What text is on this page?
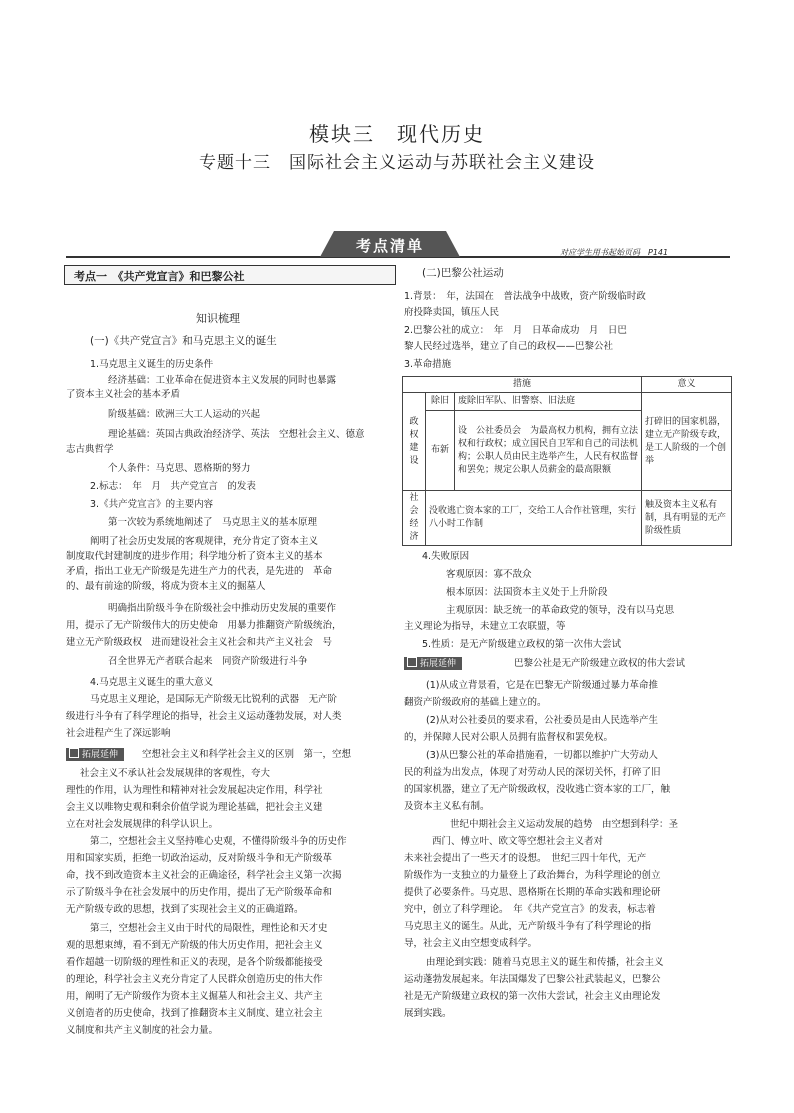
模块三　现代历史
专题十三　国际社会主义运动与苏联社会主义建设
考点清单	对应学生用书起始页码　P141
考点一　《共产党宣言》和巴黎公社
知识梳理
(一)《共产党宣言》和马克思主义的诞生
1.马克思主义诞生的历史条件
经济基础：工业革命在促进资本主义发展的同时也暴露
了资本主义社会的基本矛盾
阶级基础：欧洲三大工人运动的兴起
理论基础：英国古典政治经济学、英法　空想社会主义、德意
志古典哲学
个人条件：马克思、恩格斯的努力
2.标志：　年　月　共产党宣言　的发表
3.《共产党宣言》的主要内容
第一次较为系统地阐述了　马克思主义的基本原理
阐明了社会历史发展的客观规律，充分肯定了资本主义
制度取代封建制度的进步作用；科学地分析了资本主义的基本
矛盾，指出工业无产阶级是先进生产力的代表，是先进的　革命
的、最有前途的阶级，将成为资本主义的掘墓人
明确指出阶级斗争在阶级社会中推动历史发展的重要作
用，提示了无产阶级伟大的历史使命　用暴力推翻资产阶级统治，
建立无产阶级政权　进而建设社会主义社会和共产主义社会　号
召全世界无产者联合起来　同资产阶级进行斗争
4.马克思主义诞生的重大意义
马克思主义理论，是国际无产阶级无比锐利的武器　无产阶
级进行斗争有了科学理论的指导，社会主义运动蓬勃发展，对人类
社会进程产生了深远影响
拓展延伸	空想社会主义和科学社会主义的区别　第一，空想
社会主义不承认社会发展规律的客观性，夸大
理性的作用，认为理性和精神对社会发展起决定作用，科学社
会主义以唯物史观和剩余价值学说为理论基础，把社会主义建
立在对社会发展规律的科学认识上。
第二，空想社会主义坚持唯心史观，不懂得阶级斗争的历史作
用和国家实质，拒绝一切政治运动，反对阶级斗争和无产阶级革
命，找不到改造资本主义社会的正确途径，科学社会主义第一次揭
示了阶级斗争在社会发展中的历史作用，提出了无产阶级革命和
无产阶级专政的思想，找到了实现社会主义的正确道路。
第三，空想社会主义由于时代的局限性，理性论和天才史
观的思想束缚，看不到无产阶级的伟大历史作用，把社会主义
看作超越一切阶级的理性和正义的表现，是各个阶级都能接受
的理论，科学社会主义充分肯定了人民群众创造历史的伟大作
用，阐明了无产阶级作为资本主义掘墓人和社会主义、共产主
义创造者的历史使命，找到了推翻资本主义制度、建立社会主
义制度和共产主义制度的社会力量。
(二)巴黎公社运动
1.背景：　年，法国在　普法战争中战败，资产阶级临时政
府投降卖国，镇压人民
2.巴黎公社的成立：　年　月　日革命成功　月　日巴
黎人民经过选举，建立了自己的政权——巴黎公社
3.革命措施
措施			意义
政权建设	除旧	废除旧军队、旧警察、旧法庭	打碎旧的国家机器，建立无产阶级专政，是工人阶级的一个创举
	布新	设　公社委员会　为最高权力机构，拥有立法权和行政权；成立国民自卫军和自己的司法机构；公职人员由民主选举产生，人民有权监督和罢免；规定公职人员薪金的最高限额	
社会经济	没收逃亡资本家的工厂，交给工人合作社管理，实行八小时工作制		触及资本主义私有制，具有明显的无产阶级性质
4.失败原因
客观原因：寡不敌众
根本原因：法国资本主义处于上升阶段
主观原因：缺乏统一的革命政党的领导，没有以马克思
主义理论为指导，未建立工农联盟，等
5.性质：是无产阶级建立政权的第一次伟大尝试
拓展延伸	巴黎公社是无产阶级建立政权的伟大尝试
(1)从成立背景看，它是在巴黎无产阶级通过暴力革命推
翻资产阶级政府的基础上建立的。
(2)从对公社委员的要求看，公社委员是由人民选举产生
的，并保障人民对公职人员拥有监督权和罢免权。
(3)从巴黎公社的革命措施看，一切都以维护广大劳动人
民的利益为出发点，体现了对劳动人民的深切关怀，打碎了旧
的国家机器，建立了无产阶级政权，没收逃亡资本家的工厂，触
及资本主义私有制。
世纪中期社会主义运动发展的趋势　由空想到科学：圣
西门、傅立叶、欧文等空想社会主义者对
未来社会提出了一些天才的设想。　世纪三四十年代，无产
阶级作为一支独立的力量登上了政治舞台，为科学理论的创立
提供了必要条件。马克思、恩格斯在长期的革命实践和理论研
究中，创立了科学理论。　年《共产党宣言》的发表，标志着
马克思主义的诞生。从此，无产阶级斗争有了科学理论的指
导，社会主义由空想变成科学。
由理论到实践：随着马克思主义的诞生和传播，社会主义
运动蓬勃发展起来。年法国爆发了巴黎公社武装起义，巴黎公
社是无产阶级建立政权的第一次伟大尝试，社会主义由理论发
展到实践。
